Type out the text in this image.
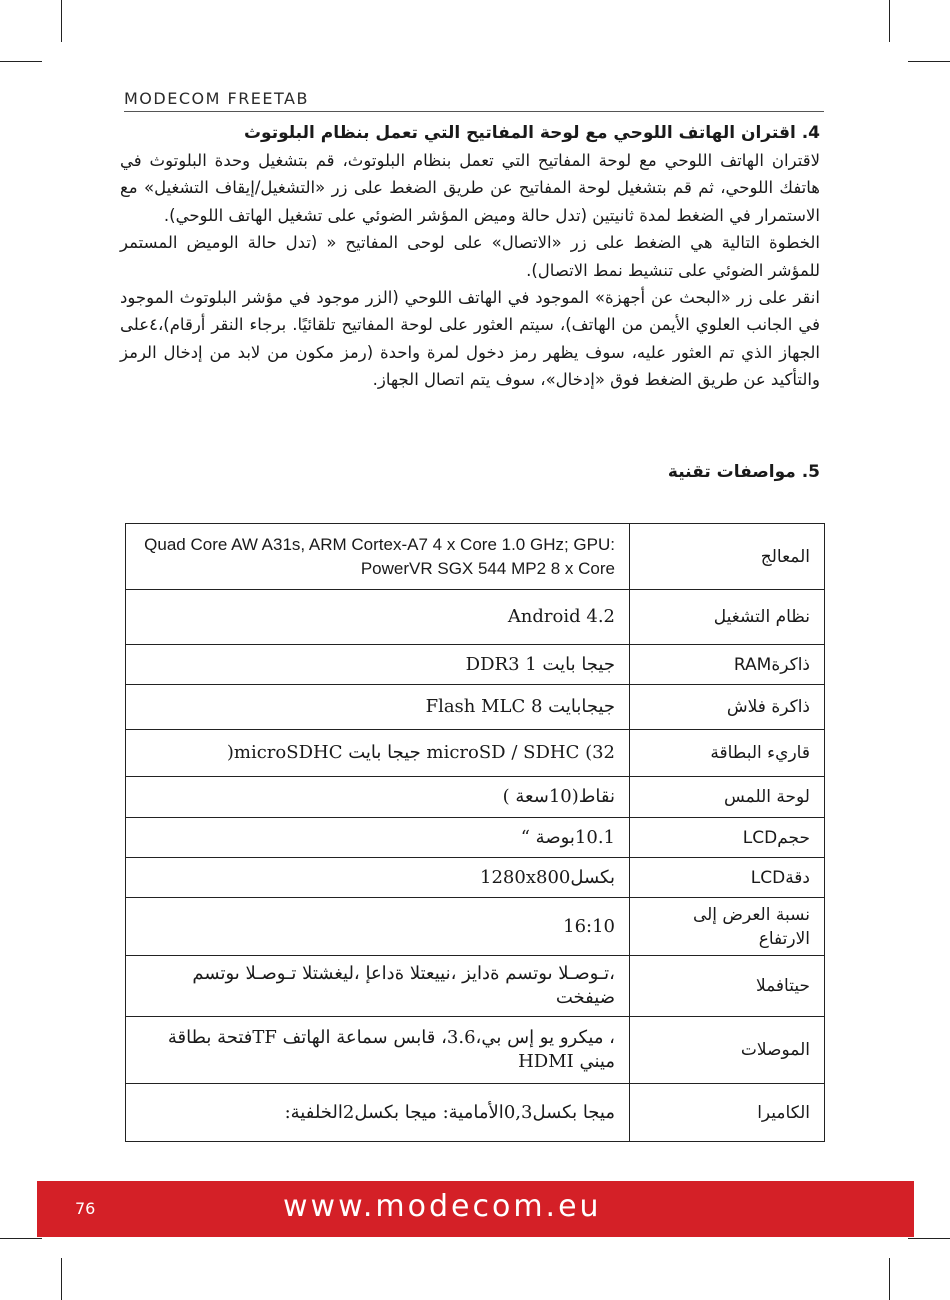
MODECOM FREETAB
4. اقتران الهاتف اللوحي مع لوحة المفاتيح التي تعمل بنظام البلوتوث

لاقتران الهاتف اللوحي مع لوحة المفاتيح التي تعمل بنظام البلوتوث، قم بتشغيل وحدة البلوتوث في هاتفك اللوحي، ثم قم بتشغيل لوحة المفاتيح عن طريق الضغط على زر «التشغيل/إيقاف التشغيل» مع الاستمرار في الضغط لمدة ثانيتين (تدل حالة وميض المؤشر الضوئي على تشغيل الهاتف اللوحي).

الخطوة التالية هي الضغط على زر «الاتصال» على لوحى المفاتيح « (تدل حالة الوميض المستمر للمؤشر الضوئي على تنشيط نمط الاتصال).

انقر على زر «البحث عن أجهزة» الموجود في الهاتف اللوحي (الزر موجود في مؤشر البلوتوث الموجود في الجانب العلوي الأيمن من الهاتف)، سيتم العثور على لوحة المفاتيح تلقائيًا. برجاء النقر أرقام)،٤على الجهاز الذي تم العثور عليه، سوف يظهر رمز دخول لمرة واحدة (رمز مكون من لابد من إدخال الرمز والتأكيد عن طريق الضغط فوق «إدخال»، سوف يتم اتصال الجهاز.

5. مواصفات تقنية
Quad Core AW A31s, ARM Cortex-A7 4 x Core 1.0 GHz; GPU: PowerVR SGX 544 MP2 8 x Core	المعالج
Android 4.2	نظام التشغيل
جيجا بايت DDR3 1	ذاكرةRAM
جيجابايت Flash MLC 8	ذاكرة فلاش
microSD / SDHC (32 جيجا بايت microSDHC(	قاريء البطاقة
نقاط(10سعة )	لوحة اللمس
10.1بوصة “	حجمLCD
بكسل1280x800	دقةLCD
16:10	نسبة العرض إلى الارتفاع
،تـوصـلا ىوتسم ةدايز ،نييعتلا ةداعإ ،ليغشتلا تـوصـلا ىوتسم ضيفخت	حيتافملا
، ميكرو يو إس بي،3.6، قابس سماعة الهاتف TFفتحة بطاقة ميني HDMI	الموصلات
ميجا بكسل0,3الأمامية: ميجا بكسل2الخلفية:	الكاميرا
76	www.modecom.eu
